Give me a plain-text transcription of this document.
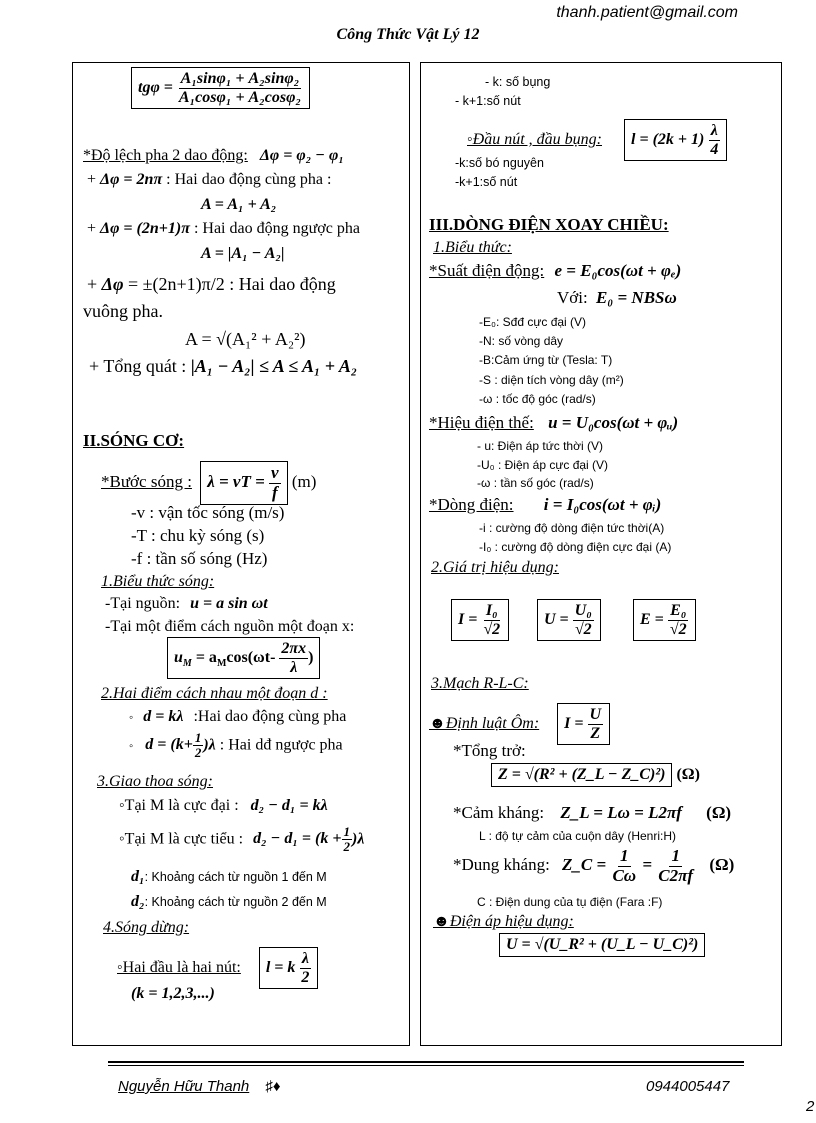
thanh.patient@gmail.com
Công Thức Vật Lý 12
$tg\varphi = \frac{\text{A₁sinφ₁ + A₂sinφ₂}}{\text{A₁cosφ₁ + A₂cosφ₂}}$
*Độ lệch pha 2 dao động: Δφ = φ₂ − φ₁
+ Δφ = 2nπ : Hai dao động cùng pha :
A = A₁ + A₂
+ Δφ = (2n+1)π : Hai dao động ngược pha
A = |A₁ − A₂|
+ Δφ = ±(2n+1)π/2 : Hai dao động
vuông pha.
A = √(A₁² + A₂²)
+ Tổng quát : |A₁ − A₂| ≤ A ≤ A₁ + A₂
II.SÓNG CƠ:
*Bước sóng : λ = vT = $\frac{v}{f} (m)$
-v : vận tốc sóng (m/s)
-T : chu kỳ sóng (s)
-f : tần số sóng (Hz)
1.Biểu thức sóng:
-Tại nguồn: u = a sin ωt
-Tại một điểm cách nguồn một đoạn x:
$u_M = a_M\cos(\omega t- \frac{2\pi x}{\lambda}$ )
2.Hai điểm cách nhau một đoạn d :
◦ d = kλ :Hai dao động cùng pha
◦ $d = (k+ \frac{1}{2} )\lambda$ : Hai dđ ngược pha
3.Giao thoa sóng:
◦Tại M là cực đại : d₂ − d₁ = kλ
◦Tại M là cực tiểu : $d_2 - d_1 = (k + \frac{1}{2} )\lambda$
d₁: Khoảng cách từ nguồn 1 đến M
d₂: Khoảng cách từ nguồn 2 đến M
4.Sóng dừng:
◦Hai đầu là hai nút: l = k $\frac{\lambda}{2}$
(k = 1,2,3,...)
- k: số bụng
- k+1:số nút
◦Đầu nút , đầu bụng: $l = (2k + 1) \frac{\lambda}{4}$
-k:số bó nguyên
-k+1:số nút
III.DÒNG ĐIỆN XOAY CHIỀU:
1.Biểu thức:
*Suất điện động: e = E₀cos(ωt + φₑ)
Với: E₀ = NBSω
-E₀: Sđđ cực đại (V)
-N: số vòng dây
-B:Cảm ứng từ (Tesla: T)
-S : diện tích vòng dây (m²)
-ω : tốc độ góc (rad/s)
*Hiệu điện thế: u = U₀cos(ωt + φᵤ)
- u: Điện áp tức thời (V)
-U₀ : Điện áp cực đại (V)
-ω : tần số góc (rad/s)
*Dòng điện: i = I₀cos(ωt + φᵢ)
-i : cường độ dòng điện tức thời(A)
-I₀ : cường độ dòng điện cực đại (A)
2.Giá trị hiệu dụng:
$I = \frac{\text{I₀}}{√2}$	$U = \frac{\text{U₀}}{√2}$	$E = \frac{\text{E₀}}{√2}$
3.Mạch R-L-C:
☻Định luật Ôm: $I = \frac{U}{Z}$
*Tổng trở:
Z = √(R² + (Z_L − Z_C)²) (Ω)
*Cảm kháng: Z_L = Lω = L2πf (Ω)
L : độ tự cảm của cuộn dây (Henri:H)
*Dung kháng: Z_C = $\frac{1}{C\omega} = \frac{1}{C2\pi f} (\Omega)$
C : Điện dung của tụ điện (Fara :F)
☻Điện áp hiệu dụng:
U = √(U_R² + (U_L − U_C)²)
Nguyễn Hữu Thanh ♯♦	0944005447
2
